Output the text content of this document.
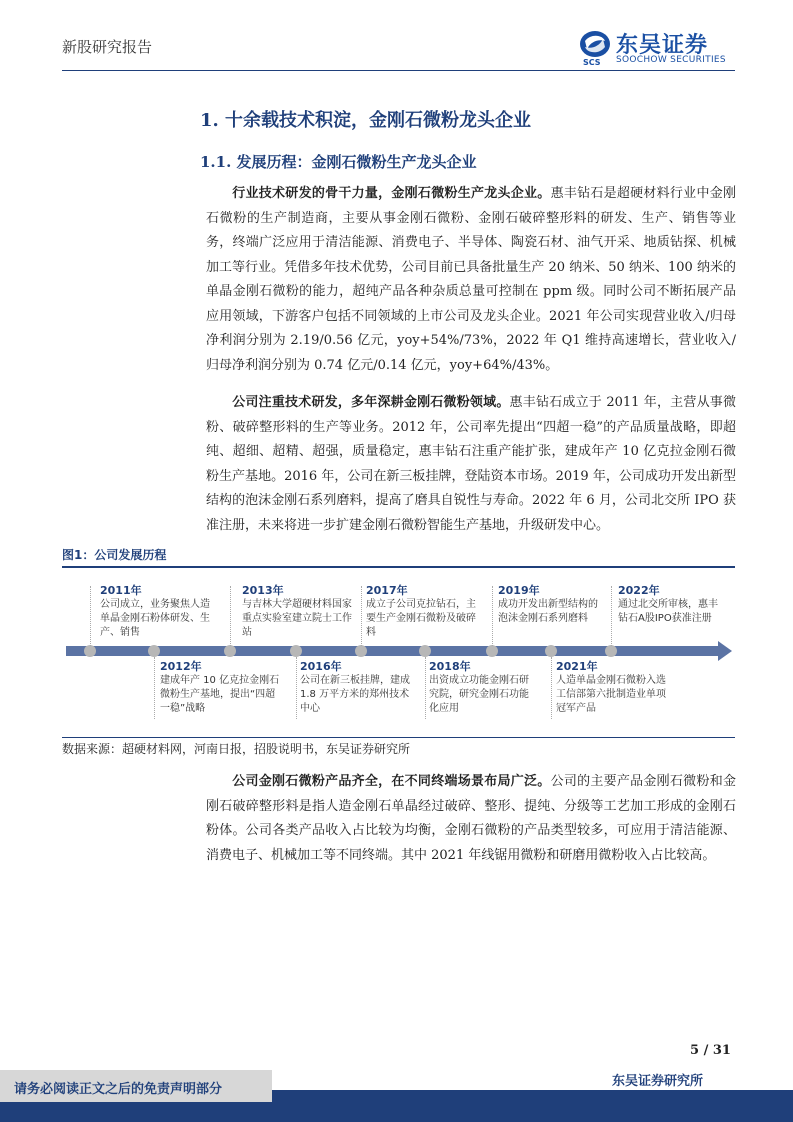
新股研究报告
SCS
东吴证券
SOOCHOW SECURITIES
1. 十余载技术积淀，金刚石微粉龙头企业
1.1. 发展历程：金刚石微粉生产龙头企业
行业技术研发的骨干力量，金刚石微粉生产龙头企业。惠丰钻石是超硬材料行业中金刚石微粉的生产制造商，主要从事金刚石微粉、金刚石破碎整形料的研发、生产、销售等业务，终端广泛应用于清洁能源、消费电子、半导体、陶瓷石材、油气开采、地质钻探、机械加工等行业。凭借多年技术优势，公司目前已具备批量生产 20 纳米、50 纳米、100 纳米的单晶金刚石微粉的能力，超纯产品各种杂质总量可控制在 ppm 级。同时公司不断拓展产品应用领域，下游客户包括不同领域的上市公司及龙头企业。2021 年公司实现营业收入/归母净利润分别为 2.19/0.56 亿元，yoy+54%/73%，2022 年 Q1 维持高速增长，营业收入/归母净利润分别为 0.74 亿元/0.14 亿元，yoy+64%/43%。
公司注重技术研发，多年深耕金刚石微粉领域。惠丰钻石成立于 2011 年，主营从事微粉、破碎整形料的生产等业务。2012 年，公司率先提出“四超一稳”的产品质量战略，即超纯、超细、超精、超强，质量稳定，惠丰钻石注重产能扩张，建成年产 10 亿克拉金刚石微粉生产基地。2016 年，公司在新三板挂牌，登陆资本市场。2019 年，公司成功开发出新型结构的泡沫金刚石系列磨料，提高了磨具自锐性与寿命。2022 年 6 月，公司北交所 IPO 获准注册，未来将进一步扩建金刚石微粉智能生产基地，升级研发中心。
图1：公司发展历程
2011年
公司成立，业务聚焦人造单晶金刚石粉体研发、生产、销售
2013年
与吉林大学超硬材料国家重点实验室建立院士工作站
2017年
成立子公司克拉钻石，主要生产金刚石微粉及破碎料
2019年
成功开发出新型结构的泡沫金刚石系列磨料
2022年
通过北交所审核，惠丰钻石A股IPO获准注册
2012年
建成年产 10 亿克拉金刚石微粉生产基地，提出“四超一稳”战略
2016年
公司在新三板挂牌，建成 1.8 万平方米的郑州技术中心
2018年
出资成立功能金刚石研究院，研究金刚石功能化应用
2021年
人造单晶金刚石微粉入选工信部第六批制造业单项冠军产品
数据来源：超硬材料网，河南日报，招股说明书，东吴证券研究所
公司金刚石微粉产品齐全，在不同终端场景布局广泛。公司的主要产品金刚石微粉和金刚石破碎整形料是指人造金刚石单晶经过破碎、整形、提纯、分级等工艺加工形成的金刚石粉体。公司各类产品收入占比较为均衡，金刚石微粉的产品类型较多，可应用于清洁能源、消费电子、机械加工等不同终端。其中 2021 年线锯用微粉和研磨用微粉收入占比较高。
5 / 31
请务必阅读正文之后的免责声明部分
东吴证券研究所
